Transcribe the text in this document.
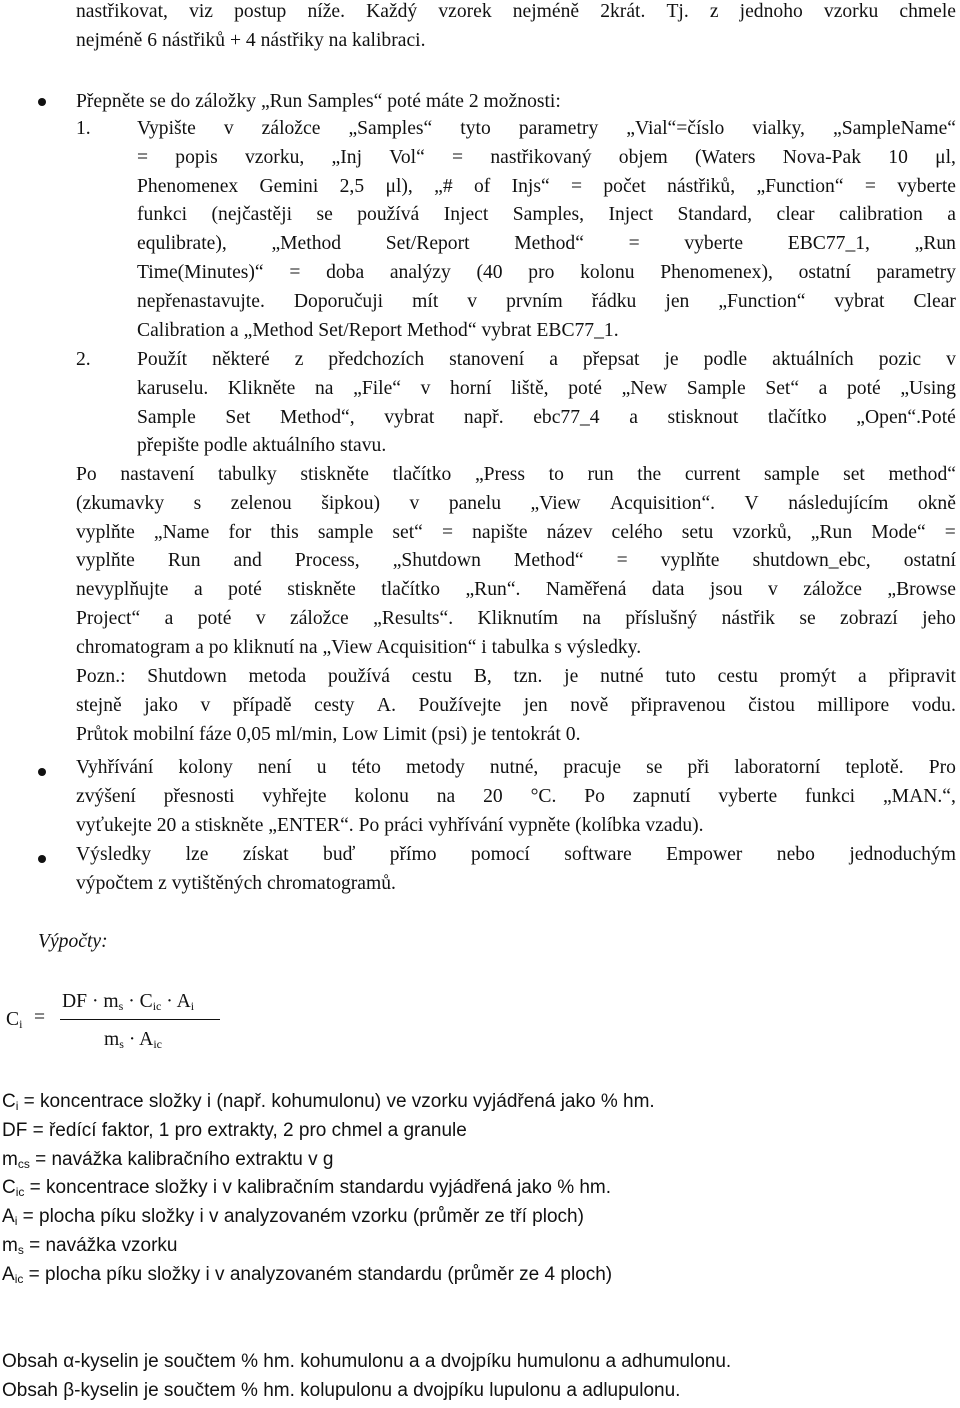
nastřikovat, viz postup níže. Každý vzorek nejméně 2krát. Tj. z jednoho vzorku chmele
nejméně 6 nástřiků + 4 nástřiky na kalibraci.
Přepněte se do záložky „Run Samples“ poté máte 2 možnosti:
1. Vypište v záložce „Samples“ tyto parametry „Vial“=číslo vialky, „SampleName“
= popis vzorku, „Inj Vol“ = nastřikovaný objem (Waters Nova-Pak 10 μl,
Phenomenex Gemini 2,5 μl), „# of Injs“ = počet nástřiků, „Function“ = vyberte
funkci (nejčastěji se používá Inject Samples, Inject Standard, clear calibration a
equlibrate), „Method Set/Report Method“ = vyberte EBC77_1, „Run
Time(Minutes)“ = doba analýzy (40 pro kolonu Phenomenex), ostatní parametry
nepřenastavujte. Doporučuji mít v prvním řádku jen „Function“ vybrat Clear
Calibration a „Method Set/Report Method“ vybrat EBC77_1.
2. Použít některé z předchozích stanovení a přepsat je podle aktuálních pozic v
karuselu. Klikněte na „File“ v horní liště, poté „New Sample Set“ a poté „Using
Sample Set Method“, vybrat např. ebc77_4 a stisknout tlačítko „Open“.Poté
přepište podle aktuálního stavu.
Po nastavení tabulky stiskněte tlačítko „Press to run the current sample set method“
(zkumavky s zelenou šipkou) v panelu „View Acquisition“. V následujícím okně
vyplňte „Name for this sample set“ = napište název celého setu vzorků, „Run Mode“ =
vyplňte Run and Process, „Shutdown Method“ = vyplňte shutdown_ebc, ostatní
nevyplňujte a poté stiskněte tlačítko „Run“. Naměřená data jsou v záložce „Browse
Project“ a poté v záložce „Results“. Kliknutím na příslušný nástřik se zobrazí jeho
chromatogram a po kliknutí na „View Acquisition“ i tabulka s výsledky.
Pozn.: Shutdown metoda používá cestu B, tzn. je nutné tuto cestu promýt a připravit
stejně jako v případě cesty A. Používejte jen nově připravenou čistou millipore vodu.
Průtok mobilní fáze 0,05 ml/min, Low Limit (psi) je tentokrát 0.
Vyhřívání kolony není u této metody nutné, pracuje se při laboratorní teplotě. Pro
zvýšení přesnosti vyhřejte kolonu na 20 °C. Po zapnutí vyberte funkci „MAN.“,
vyťukejte 20 a stiskněte „ENTER“. Po práci vyhřívání vypněte (kolíbka vzadu).
Výsledky lze získat buď přímo pomocí software Empower nebo jednoduchým
výpočtem z vytištěných chromatogramů.
Výpočty:
$C_i$ =
DF · $m_s \cdot C_{ic} \cdot A_i$
$m_s \cdot A_{ic}$
$C_i$ = koncentrace složky i (např. kohumulonu) ve vzorku vyjádřená jako % hm.
DF = ředící faktor, 1 pro extrakty, 2 pro chmel a granule
$m_{cs}$ = navážka kalibračního extraktu v g
$C_{ic}$ = koncentrace složky i v kalibračním standardu vyjádřená jako % hm.
$A_i$ = plocha píku složky i v analyzovaném vzorku (průměr ze tří ploch)
$m_s$ = navážka vzorku
$A_{ic}$ = plocha píku složky i v analyzovaném standardu (průměr ze 4 ploch)
Obsah α-kyselin je součtem % hm. kohumulonu a a dvojpíku humulonu a adhumulonu.
Obsah β-kyselin je součtem % hm. kolupulonu a dvojpíku lupulonu a adlupulonu.
